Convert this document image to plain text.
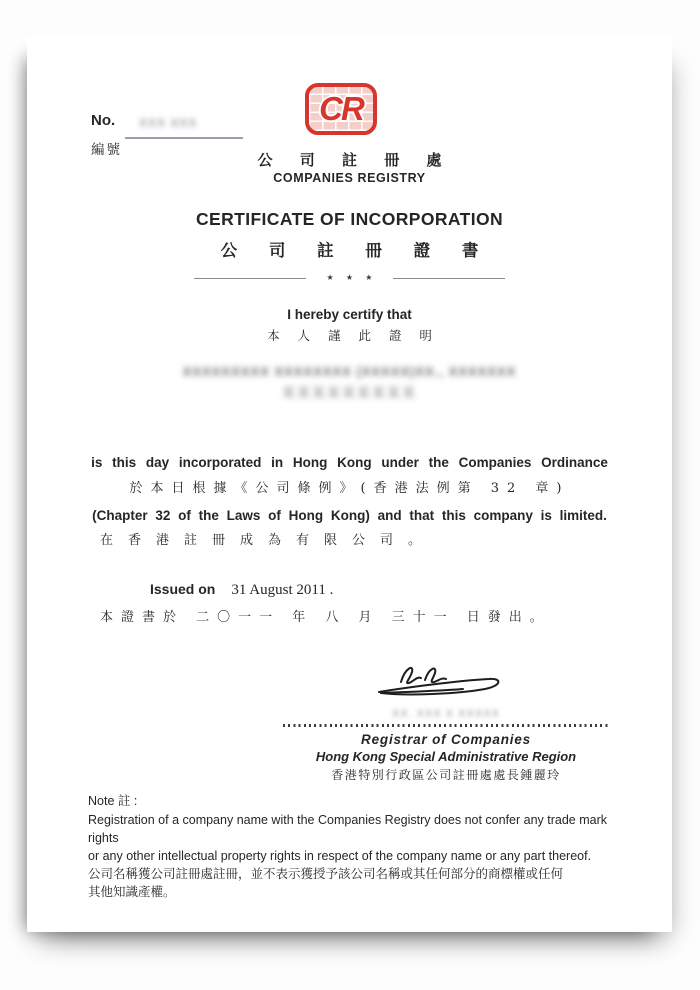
No. XXX XXX
編號
CR
公 司 註 冊 處
COMPANIES REGISTRY
CERTIFICATE OF INCORPORATION
公 司 註 冊 證 書
★ ★ ★
I hereby certify that
本 人 謹 此 證 明
XXXXXXXXX XXXXXXXX (XXXXX)XX., XXXXXXX
某某某某某某某某某
is this day incorporated in Hong Kong under the Companies Ordinance
於本日根據《公司條例》(香港法例第 32 章)
(Chapter 32 of the Laws of Hong Kong) and that this company is limited.
在香港註冊成為有限公司。
Issued on 31 August 2011 .
本證書於 二〇一一 年 八 月 三十一 日發出。
XX. XXX X XXXXX
Registrar of Companies
Hong Kong Special Administrative Region
香港特別行政區公司註冊處處長鍾麗玲
Note 註 :
Registration of a company name with the Companies Registry does not confer any trade mark rights
or any other intellectual property rights in respect of the company name or any part thereof.
公司名稱獲公司註冊處註冊，並不表示獲授予該公司名稱或其任何部分的商標權或任何
其他知識產權。
